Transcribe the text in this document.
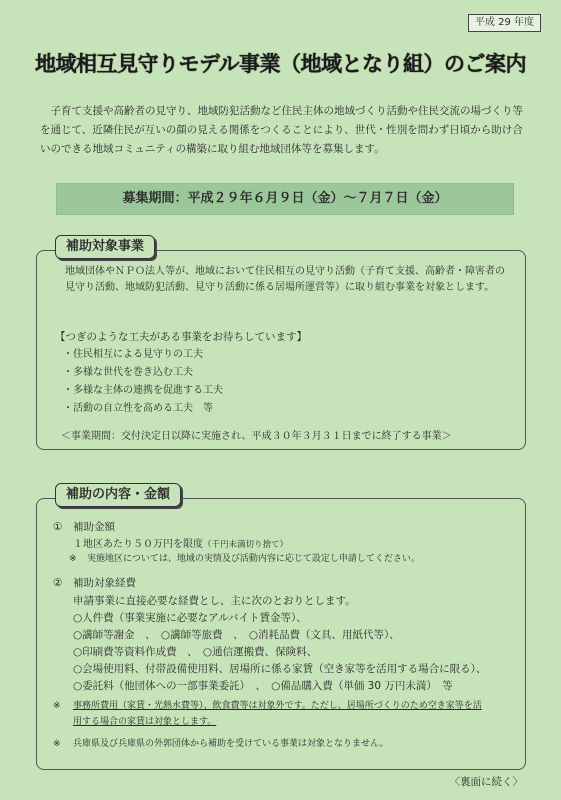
平成 29 年度
地域相互見守りモデル事業（地域となり組）のご案内

子育て支援や高齢者の見守り、地域防犯活動など住民主体の地域づくり活動や住民交流の場づくり等を通じて、近隣住民が互いの顔の見える関係をつくることにより、世代・性別を問わず日頃から助け合いのできる地域コミュニティの構築に取り組む地域団体等を募集します。

募集期間：平成２９年６月９日（金）～７月７日（金）
補助対象事業

地域団体やＮＰＯ法人等が、地域において住民相互の見守り活動（子育て支援、高齢者・障害者の見守り活動、地域防犯活動、見守り活動に係る居場所運営等）に取り組む事業を対象とします。

【つぎのような工夫がある事業をお待ちしています】
・住民相互による見守りの工夫
・多様な世代を巻き込む工夫
・多様な主体の連携を促進する工夫
・活動の自立性を高める工夫　等
＜事業期間：交付決定日以降に実施され、平成３０年３月３１日までに終了する事業＞
補助の内容・金額
① 補助金額
１地区あたり５０万円を限度（千円未満切り捨て）
※ 実施地区については、地域の実情及び活動内容に応じて設定し申請してください。
② 補助対象経費
申請事業に直接必要な経費とし、主に次のとおりとします。
○人件費（事業実施に必要なアルバイト賃金等）、
○講師等謝金　、　○講師等旅費　、　○消耗品費（文具、用紙代等）、
○印刷費等資料作成費　、　○通信運搬費、保険料、
○会場使用料、付帯設備使用料、居場所に係る家賃（空き家等を活用する場合に限る）、
○委託料（他団体への一部事業委託）　、　○備品購入費（単価 30 万円未満）　等
※ 事務所費用（家賃・光熱水費等）、飲食費等は対象外です。ただし、居場所づくりのため空き家等を活
用する場合の家賃は対象とします。
※ 兵庫県及び兵庫県の外郭団体から補助を受けている事業は対象となりません。
〈裏面に続く〉
